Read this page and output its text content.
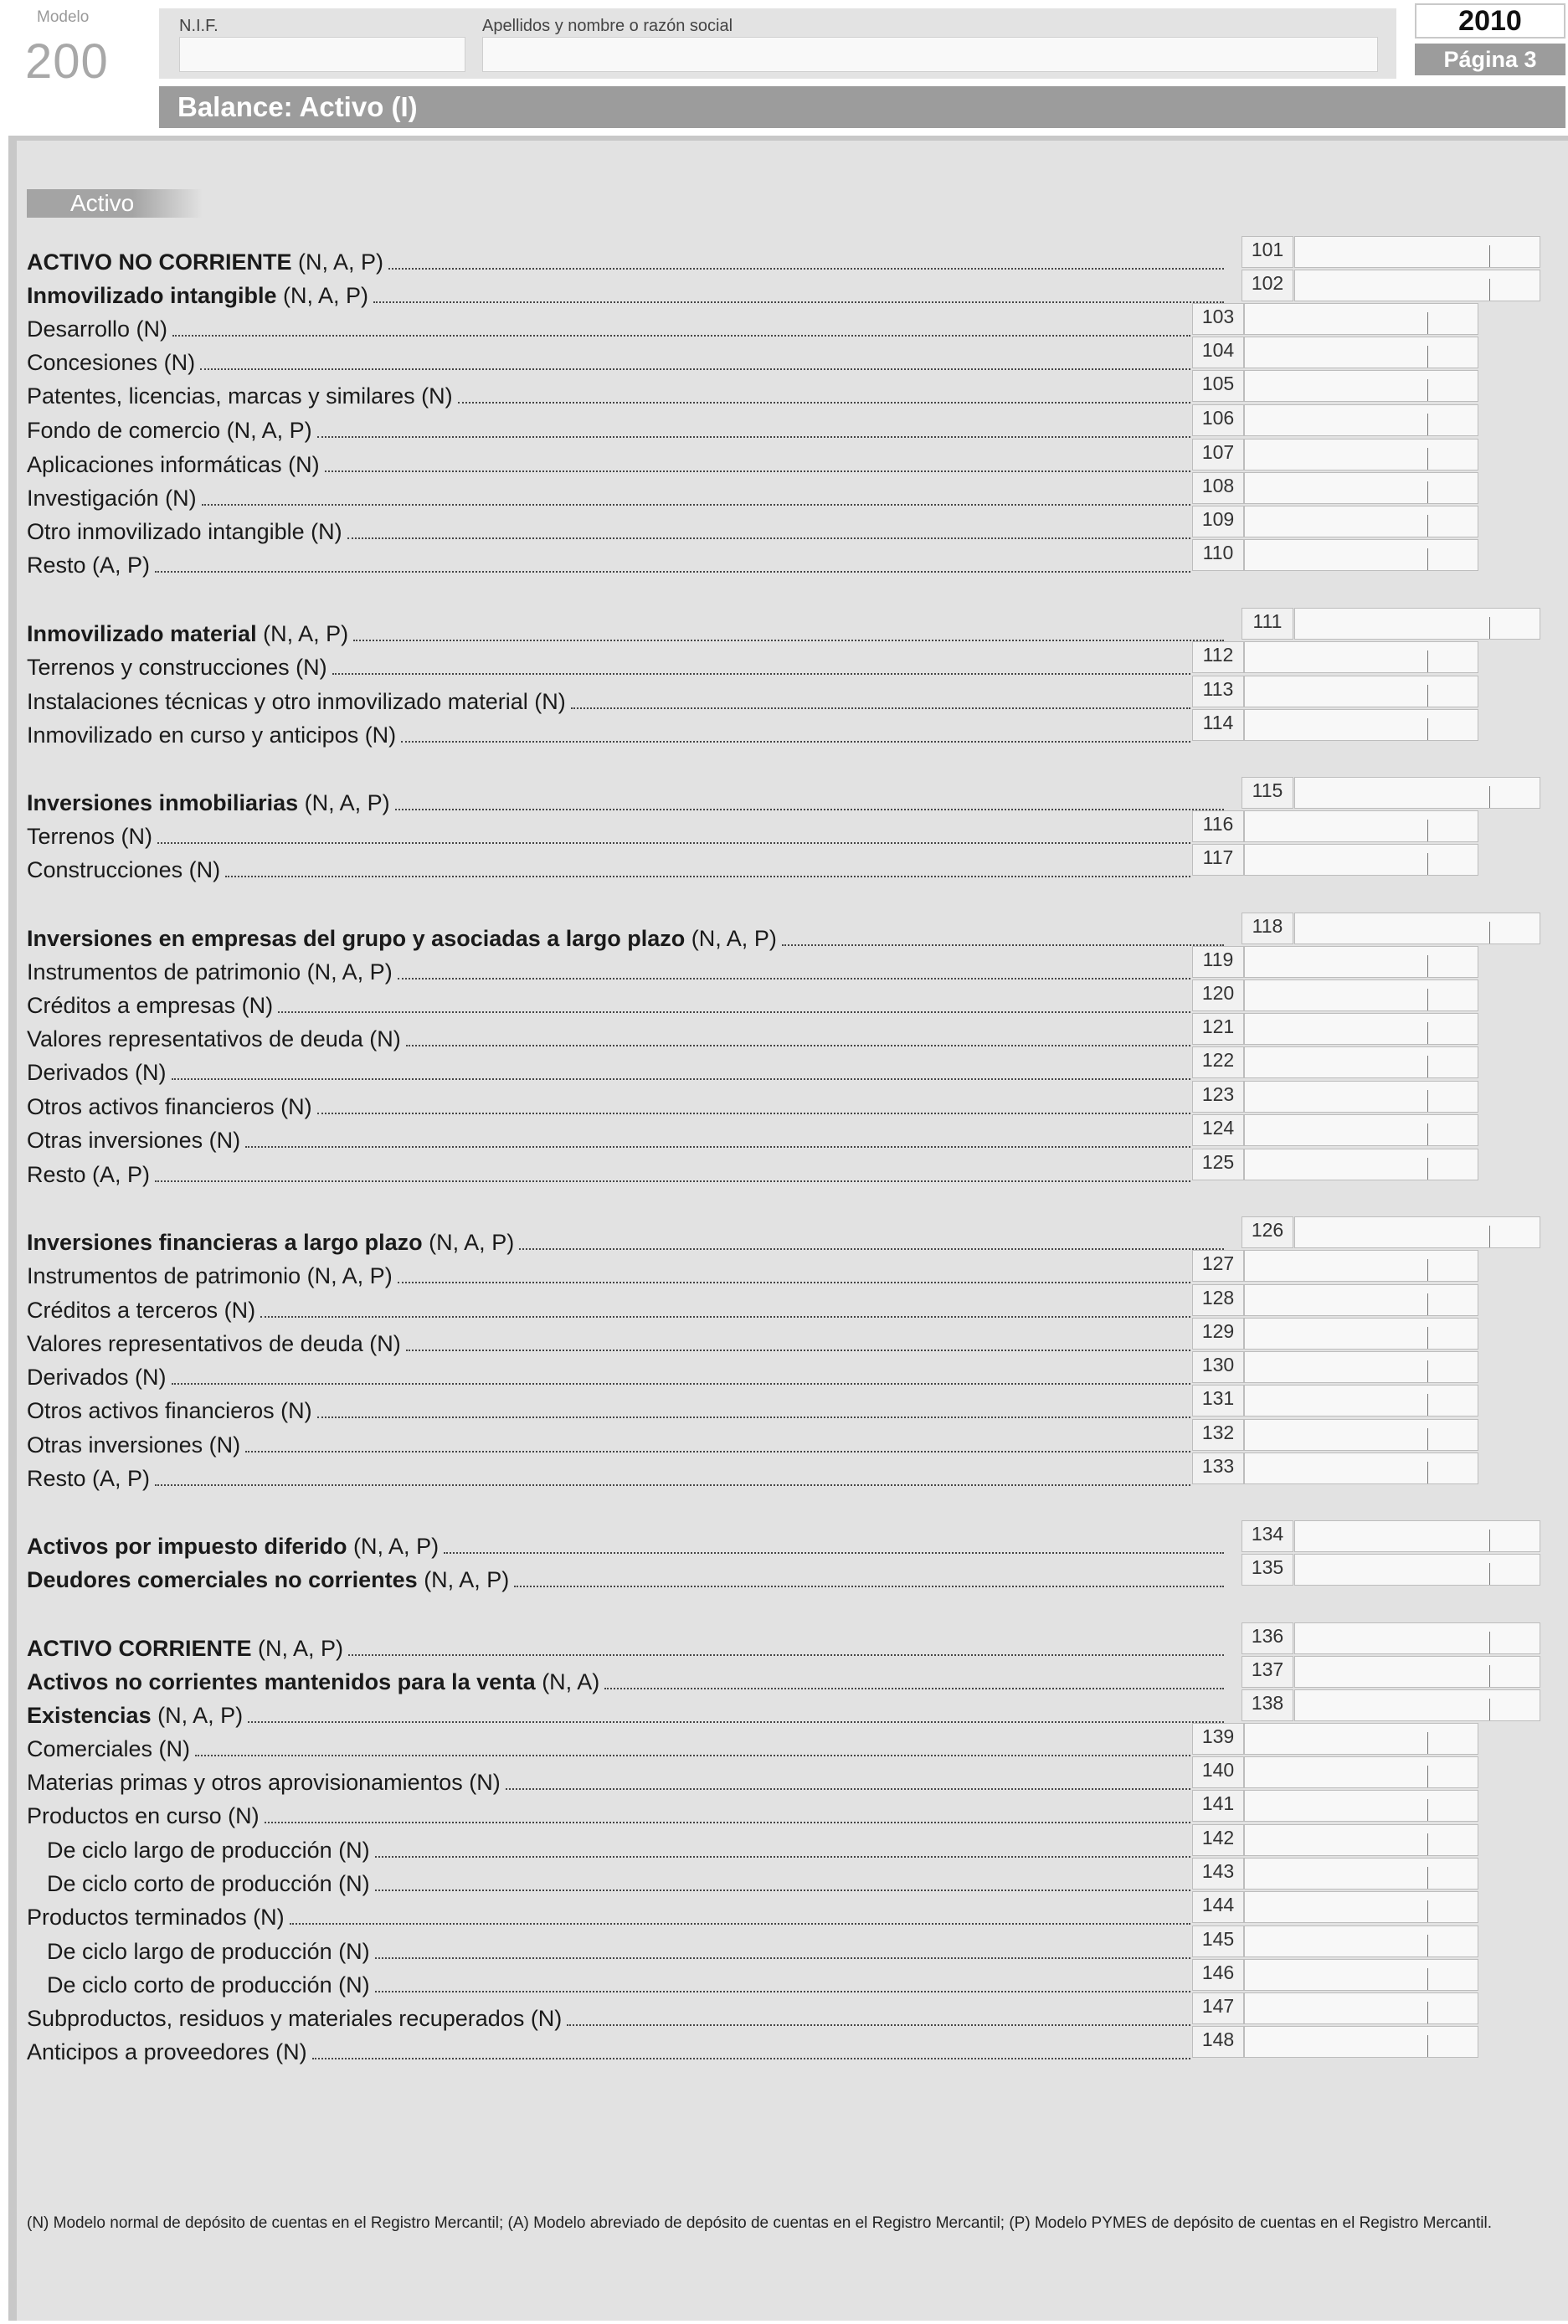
Modelo
200
N.I.F.	Apellidos y nombre o razón social	2010
Página 3
Balance: Activo (I)
Activo
ACTIVO NO CORRIENTE (N, A, P)	101
Inmovilizado intangible (N, A, P)	102
Desarrollo (N)	103
Concesiones (N)	104
Patentes, licencias, marcas y similares (N)	105
Fondo de comercio (N, A, P)	106
Aplicaciones informáticas (N)	107
Investigación (N)	108
Otro inmovilizado intangible (N)	109
Resto (A, P)	110
Inmovilizado material (N, A, P)	111
Terrenos y construcciones (N)	112
Instalaciones técnicas y otro inmovilizado material (N)	113
Inmovilizado en curso y anticipos (N)	114
Inversiones inmobiliarias (N, A, P)	115
Terrenos (N)	116
Construcciones (N)	117
Inversiones en empresas del grupo y asociadas a largo plazo (N, A, P)	118
Instrumentos de patrimonio (N, A, P)	119
Créditos a empresas (N)	120
Valores representativos de deuda (N)	121
Derivados (N)	122
Otros activos financieros (N)	123
Otras inversiones (N)	124
Resto (A, P)	125
Inversiones financieras a largo plazo (N, A, P)	126
Instrumentos de patrimonio (N, A, P)	127
Créditos a terceros (N)	128
Valores representativos de deuda (N)	129
Derivados (N)	130
Otros activos financieros (N)	131
Otras inversiones (N)	132
Resto (A, P)	133
Activos por impuesto diferido (N, A, P)	134
Deudores comerciales no corrientes (N, A, P)	135
ACTIVO CORRIENTE (N, A, P)	136
Activos no corrientes mantenidos para la venta (N, A)	137
Existencias (N, A, P)	138
Comerciales (N)	139
Materias primas y otros aprovisionamientos (N)	140
Productos en curso (N)	141
De ciclo largo de producción (N)	142
De ciclo corto de producción (N)	143
Productos terminados (N)	144
De ciclo largo de producción (N)	145
De ciclo corto de producción (N)	146
Subproductos, residuos y materiales recuperados (N)	147
Anticipos a proveedores (N)	148
(N) Modelo normal de depósito de cuentas en el Registro Mercantil; (A) Modelo abreviado de depósito de cuentas en el Registro Mercantil; (P) Modelo PYMES de depósito de cuentas en el Registro Mercantil.
